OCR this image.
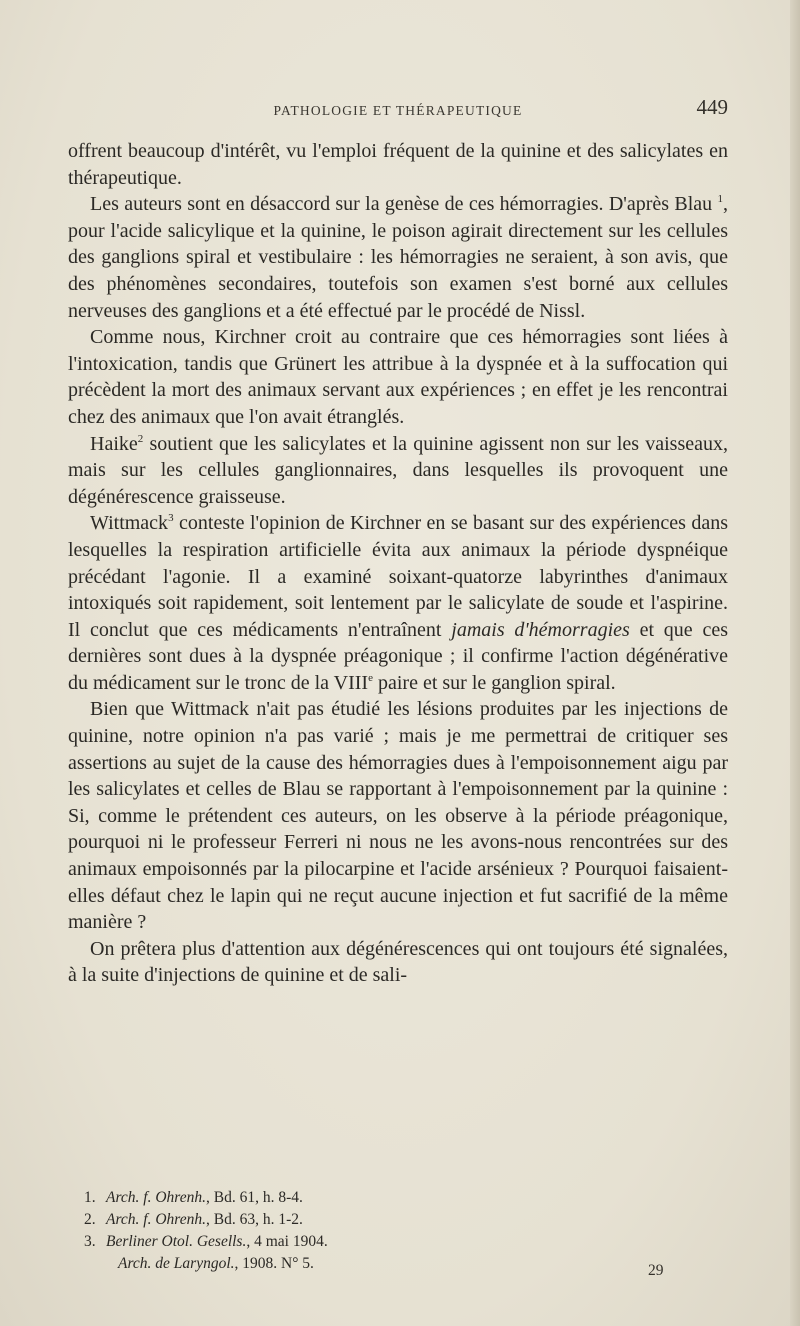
PATHOLOGIE ET THÉRAPEUTIQUE	449

offrent beaucoup d'intérêt, vu l'emploi fréquent de la quinine et des salicylates en thérapeutique.

Les auteurs sont en désaccord sur la genèse de ces hémorragies. D'après Blau $^1$, pour l'acide salicylique et la quinine, le poison agirait directement sur les cellules des ganglions spiral et vestibulaire : les hémorragies ne seraient, à son avis, que des phénomènes secondaires, toutefois son examen s'est borné aux cellules nerveuses des ganglions et a été effectué par le procédé de Nissl.

Comme nous, Kirchner croit au contraire que ces hémorragies sont liées à l'intoxication, tandis que Grünert les attribue à la dyspnée et à la suffocation qui précèdent la mort des animaux servant aux expériences ; en effet je les rencontrai chez des animaux que l'on avait étranglés.

Haike$^2$ soutient que les salicylates et la quinine agissent non sur les vaisseaux, mais sur les cellules ganglionnaires, dans lesquelles ils provoquent une dégénérescence graisseuse.

Wittmack$^3$ conteste l'opinion de Kirchner en se basant sur des expériences dans lesquelles la respiration artificielle évita aux animaux la période dyspnéique précédant l'agonie. Il a examiné soixant-quatorze labyrinthes d'animaux intoxiqués soit rapidement, soit lentement par le salicylate de soude et l'aspirine. Il conclut que ces médicaments n'entraînent jamais d'hémorragies et que ces dernières sont dues à la dyspnée préagonique ; il confirme l'action dégénérative du médicament sur le tronc de la VIIIe paire et sur le ganglion spiral.

Bien que Wittmack n'ait pas étudié les lésions produites par les injections de quinine, notre opinion n'a pas varié ; mais je me permettrai de critiquer ses assertions au sujet de la cause des hémorragies dues à l'empoisonnement aigu par les salicylates et celles de Blau se rapportant à l'empoisonnement par la quinine : Si, comme le prétendent ces auteurs, on les observe à la période préagonique, pourquoi ni le professeur Ferreri ni nous ne les avons-nous rencontrées sur des animaux empoisonnés par la pilocarpine et l'acide arsénieux ? Pourquoi faisaient-elles défaut chez le lapin qui ne reçut aucune injection et fut sacrifié de la même manière ?

On prêtera plus d'attention aux dégénérescences qui ont toujours été signalées, à la suite d'injections de quinine et de sali-

1. Arch. f. Ohrenh., Bd. 61, h. 8-4.
2. Arch. f. Ohrenh., Bd. 63, h. 1-2.
3. Berliner Otol. Gesells., 4 mai 1904.
Arch. de Laryngol., 1908. N° 5.	29
